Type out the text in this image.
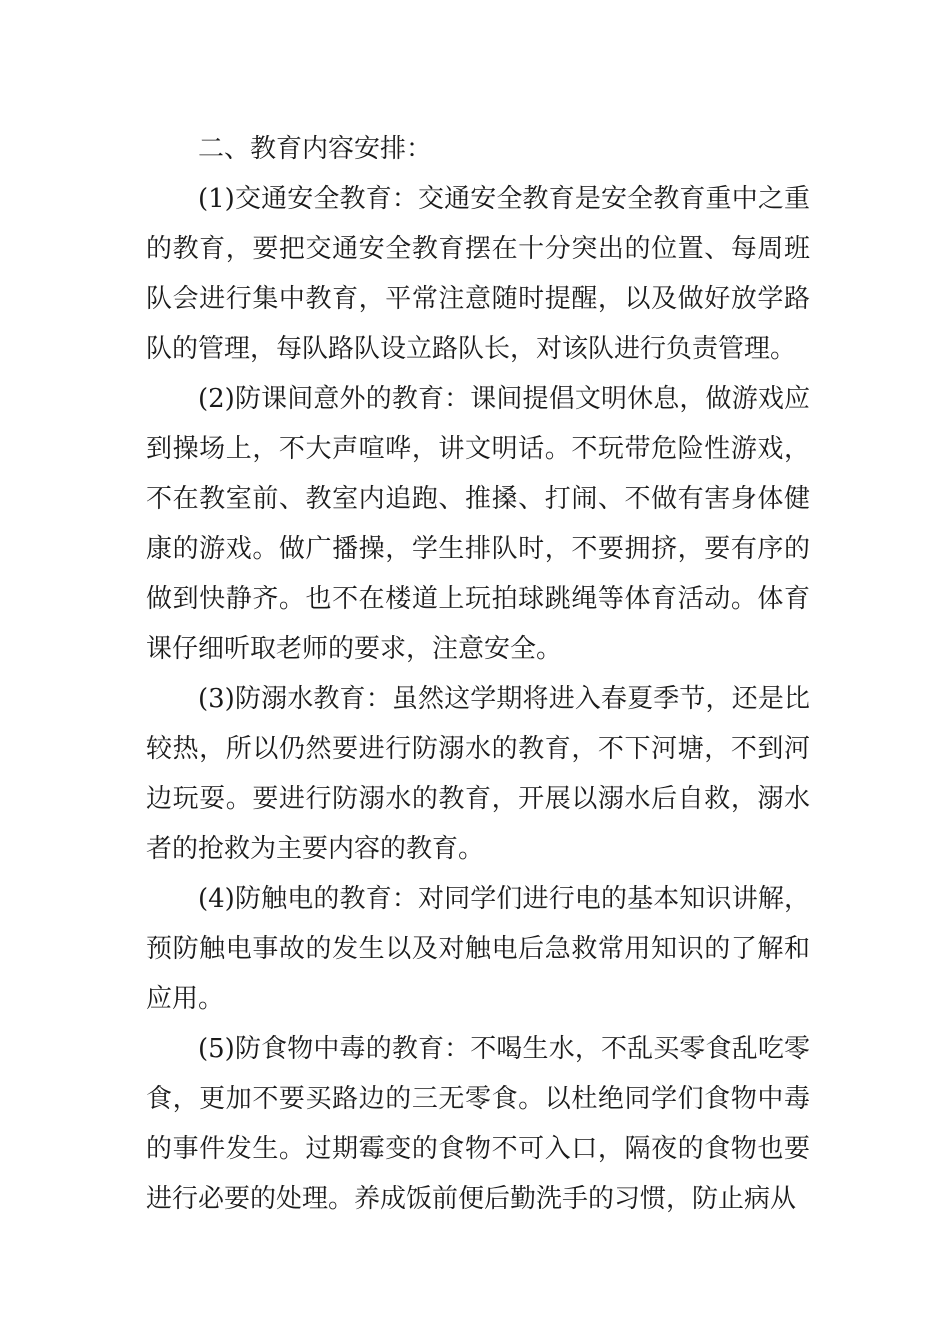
二、教育内容安排：

(1)交通安全教育：交通安全教育是安全教育重中之重的教育，要把交通安全教育摆在十分突出的位置、每周班队会进行集中教育，平常注意随时提醒，以及做好放学路队的管理，每队路队设立路队长，对该队进行负责管理。

(2)防课间意外的教育：课间提倡文明休息，做游戏应到操场上，不大声喧哗，讲文明话。不玩带危险性游戏，不在教室前、教室内追跑、推搡、打闹、不做有害身体健康的游戏。做广播操，学生排队时，不要拥挤，要有序的做到快静齐。也不在楼道上玩拍球跳绳等体育活动。体育课仔细听取老师的要求，注意安全。

(3)防溺水教育：虽然这学期将进入春夏季节，还是比较热，所以仍然要进行防溺水的教育，不下河塘，不到河边玩耍。要进行防溺水的教育，开展以溺水后自救，溺水者的抢救为主要内容的教育。

(4)防触电的教育：对同学们进行电的基本知识讲解，预防触电事故的发生以及对触电后急救常用知识的了解和应用。

(5)防食物中毒的教育：不喝生水，不乱买零食乱吃零食，更加不要买路边的三无零食。以杜绝同学们食物中毒的事件发生。过期霉变的食物不可入口，隔夜的食物也要进行必要的处理。养成饭前便后勤洗手的习惯，防止病从
